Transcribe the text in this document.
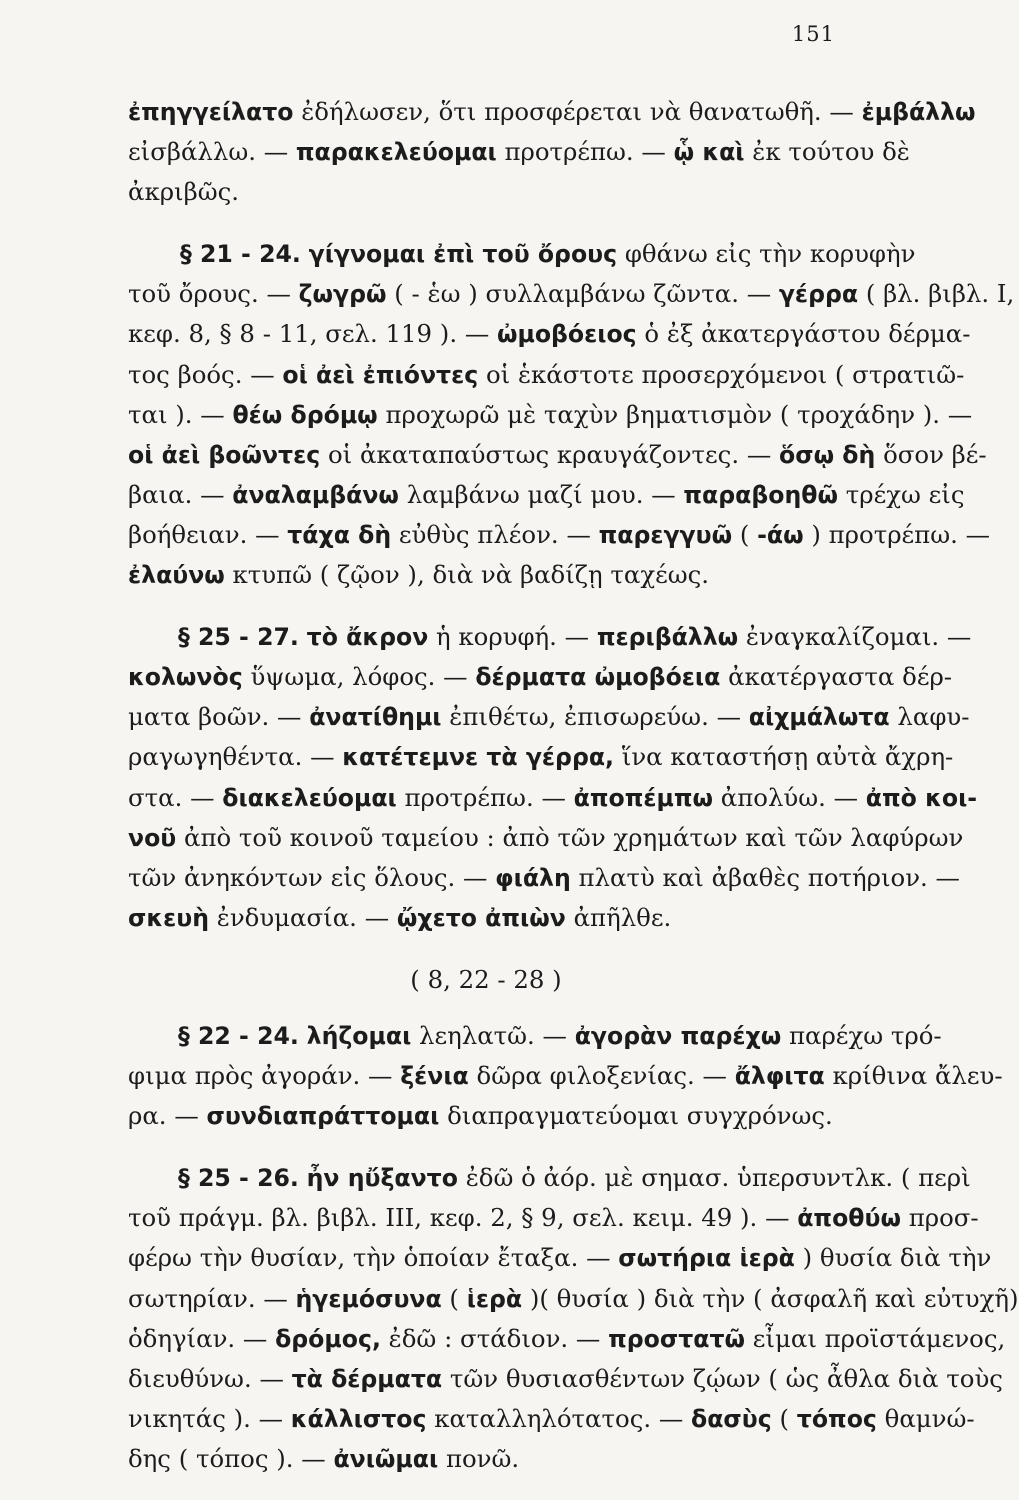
151

ἐπηγγείλατο ἐδήλωσεν, ὅτι προσφέρεται νὰ θανατωθῆ. — ἐμβάλλω

εἰσβάλλω. — παρακελεύομαι προτρέπω. — ᾧ καὶ ἐκ τούτου δὲ

ἀκριβῶς.

§ 21 - 24. γίγνομαι ἐπὶ τοῦ ὄρους φθάνω εἰς τὴν κορυφὴν

τοῦ ὄρους. — ζωγρῶ ( - ἑω ) συλλαμβάνω ζῶντα. — γέρρα ( βλ. βιβλ. Ι,

κεφ. 8, § 8 - 11, σελ. 119 ). — ὠμοβόειος ὁ ἐξ ἀκατεργάστου δέρμα-

τος βοός. — οἱ ἀεὶ ἐπιόντες οἱ ἑκάστοτε προσερχόμενοι ( στρατιῶ-

ται ). — θέω δρόμῳ προχωρῶ μὲ ταχὺν βηματισμὸν ( τροχάδην ). —

οἱ ἀεὶ βοῶντες οἱ ἀκαταπαύστως κραυγάζοντες. — ὅσῳ δὴ ὅσον βέ-

βαια. — ἀναλαμβάνω λαμβάνω μαζί μου. — παραβοηθῶ τρέχω εἰς

βοήθειαν. — τάχα δὴ εὐθὺς πλέον. — παρεγγυῶ ( -άω ) προτρέπω. —

ἐλαύνω κτυπῶ ( ζῷον ), διὰ νὰ βαδίζῃ ταχέως.

§ 25 - 27. τὸ ἄκρον ἡ κορυφή. — περιβάλλω ἐναγκαλίζομαι. —

κολωνὸς ὕψωμα, λόφος. — δέρματα ὠμοβόεια ἀκατέργαστα δέρ-

ματα βοῶν. — ἀνατίθημι ἐπιθέτω, ἐπισωρεύω. — αἰχμάλωτα λαφυ-

ραγωγηθέντα. — κατέτεμνε τὰ γέρρα, ἵνα καταστήσῃ αὐτὰ ἄχρη-

στα. — διακελεύομαι προτρέπω. — ἀποπέμπω ἀπολύω. — ἀπὸ κοι-

νοῦ ἀπὸ τοῦ κοινοῦ ταμείου : ἀπὸ τῶν χρημάτων καὶ τῶν λαφύρων

τῶν ἀνηκόντων εἰς ὅλους. — φιάλη πλατὺ καὶ ἀβαθὲς ποτήριον. —

σκευὴ ἐνδυμασία. — ᾤχετο ἀπιὼν ἀπῆλθε.

( 8, 22 - 28 )

§ 22 - 24. λήζομαι λεηλατῶ. — ἀγορὰν παρέχω παρέχω τρό-

φιμα πρὸς ἀγοράν. — ξένια δῶρα φιλοξενίας. — ἄλφιτα κρίθινα ἄλευ-

ρα. — συνδιαπράττομαι διαπραγματεύομαι συγχρόνως.

§ 25 - 26. ἦν ηὔξαντο ἐδῶ ὁ ἀόρ. μὲ σημασ. ὑπερσυντλκ. ( περὶ

τοῦ πράγμ. βλ. βιβλ. ΙΙΙ, κεφ. 2, § 9, σελ. κειμ. 49 ). — ἀποθύω προσ-

φέρω τὴν θυσίαν, τὴν ὁποίαν ἔταξα. — σωτήρια ἱερὰ ) θυσία διὰ τὴν

σωτηρίαν. — ἡγεμόσυνα ( ἱερὰ )( θυσία ) διὰ τὴν ( ἀσφαλῆ καὶ εὐτυχῆ)

ὁδηγίαν. — δρόμος, ἐδῶ : στάδιον. — προστατῶ εἶμαι προϊστάμενος,

διευθύνω. — τὰ δέρματα τῶν θυσιασθέντων ζῴων ( ὡς ἆθλα διὰ τοὺς

νικητάς ). — κάλλιστος καταλληλότατος. — δασὺς ( τόπος θαμνώ-

δης ( τόπος ). — ἀνιῶμαι πονῶ.
